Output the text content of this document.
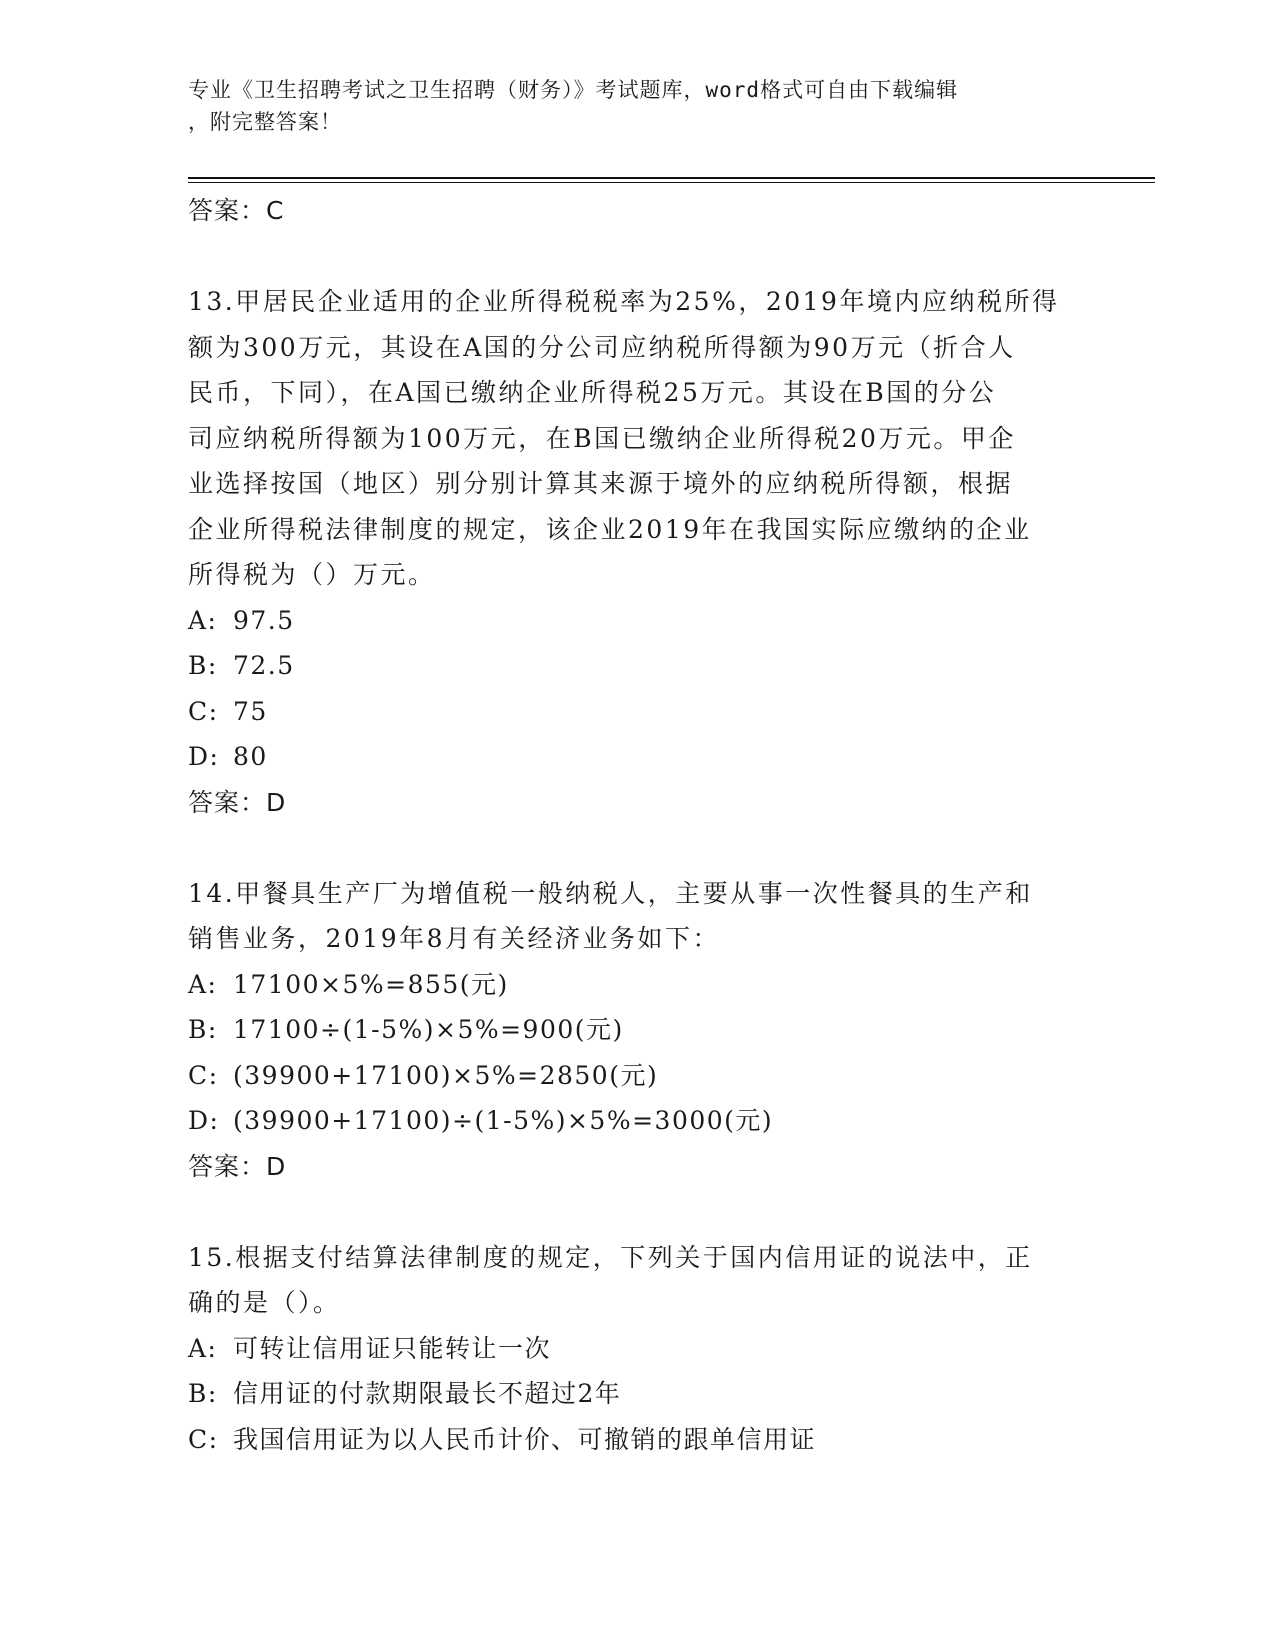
专业《卫生招聘考试之卫生招聘（财务）》考试题库，word格式可自由下载编辑
，附完整答案！
答案：C
13.甲居民企业适用的企业所得税税率为25%，2019年境内应纳税所得
额为300万元，其设在A国的分公司应纳税所得额为90万元（折合人
民币，下同），在A国已缴纳企业所得税25万元。其设在B国的分公
司应纳税所得额为100万元，在B国已缴纳企业所得税20万元。甲企
业选择按国（地区）别分别计算其来源于境外的应纳税所得额，根据
企业所得税法律制度的规定，该企业2019年在我国实际应缴纳的企业
所得税为（）万元。
A: 97.5
B: 72.5
C: 75
D: 80
答案：D
14.甲餐具生产厂为增值税一般纳税人，主要从事一次性餐具的生产和
销售业务，2019年8月有关经济业务如下：
A: 17100×5%=855(元)
B: 17100÷(1-5%)×5%=900(元)
C: (39900+17100)×5%=2850(元)
D: (39900+17100)÷(1-5%)×5%=3000(元)
答案：D
15.根据支付结算法律制度的规定，下列关于国内信用证的说法中，正
确的是（）。
A: 可转让信用证只能转让一次
B: 信用证的付款期限最长不超过2年
C: 我国信用证为以人民币计价、可撤销的跟单信用证
